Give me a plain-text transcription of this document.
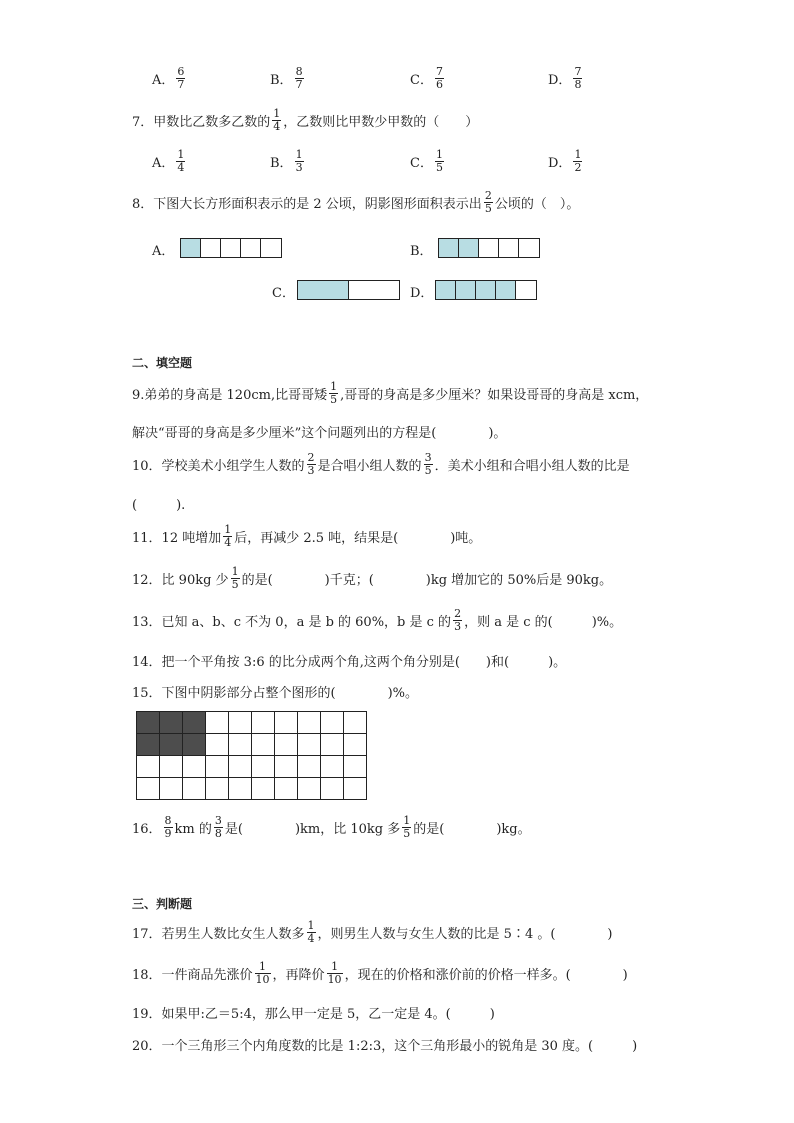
A． $\frac{6}{7}$	B． $\frac{8}{7}$	C． $\frac{7}{6}$	D． $\frac{7}{8}$
7．甲数比乙数多乙数的 $\frac{1}{4}$ ，乙数则比甲数少甲数的（　　）
A． $\frac{1}{4}$	B． $\frac{1}{3}$	C． $\frac{1}{5}$	D． $\frac{1}{2}$
8．下图大长方形面积表示的是 2 公顷，阴影图形面积表示出 $\frac{2}{5}$ 公顷的（　）。
A．	B．
C．	D．
二、填空题
9.弟弟的身高是 120cm,比哥哥矮 $\frac{1}{5}$ ,哥哥的身高是多少厘米？如果设哥哥的身高是 xcm，
解决“哥哥的身高是多少厘米”这个问题列出的方程是(　　　　)。
10．学校美术小组学生人数的 $\frac{2}{3}$ 是合唱小组人数的 $\frac{3}{5}$ ．美术小组和合唱小组人数的比是
(　　　).
11．12 吨增加 $\frac{1}{4}$ 后，再减少 2.5 吨，结果是(　　　　)吨。
12．比 90kg 少 $\frac{1}{5}$ 的是(　　　　)千克；(　　　　)kg 增加它的 50%后是 90kg。
13．已知 a、b、c 不为 0，a 是 b 的 60%，b 是 c 的 $\frac{2}{3}$ ，则 a 是 c 的(　　　)%。
14．把一个平角按 3:6 的比分成两个角,这两个角分别是(　　)和(　　　)。
15．下图中阴影部分占整个图形的(　　　　)%。

16． $\frac{8}{9}$ km 的 $\frac{3}{8}$ 是(　　　　)km，比 10kg 多 $\frac{1}{5}$ 的是(　　　　)kg。
三、判断题
17．若男生人数比女生人数多 $\frac{1}{4}$ ，则男生人数与女生人数的比是 5∶4 。(　　　　)
18．一件商品先涨价 $\frac{1}{10}$ ，再降价 $\frac{1}{10}$ ，现在的价格和涨价前的价格一样多。(　　　　)
19．如果甲:乙＝5:4，那么甲一定是 5，乙一定是 4。(　　　)
20．一个三角形三个内角度数的比是 1:2:3，这个三角形最小的锐角是 30 度。(　　　)
